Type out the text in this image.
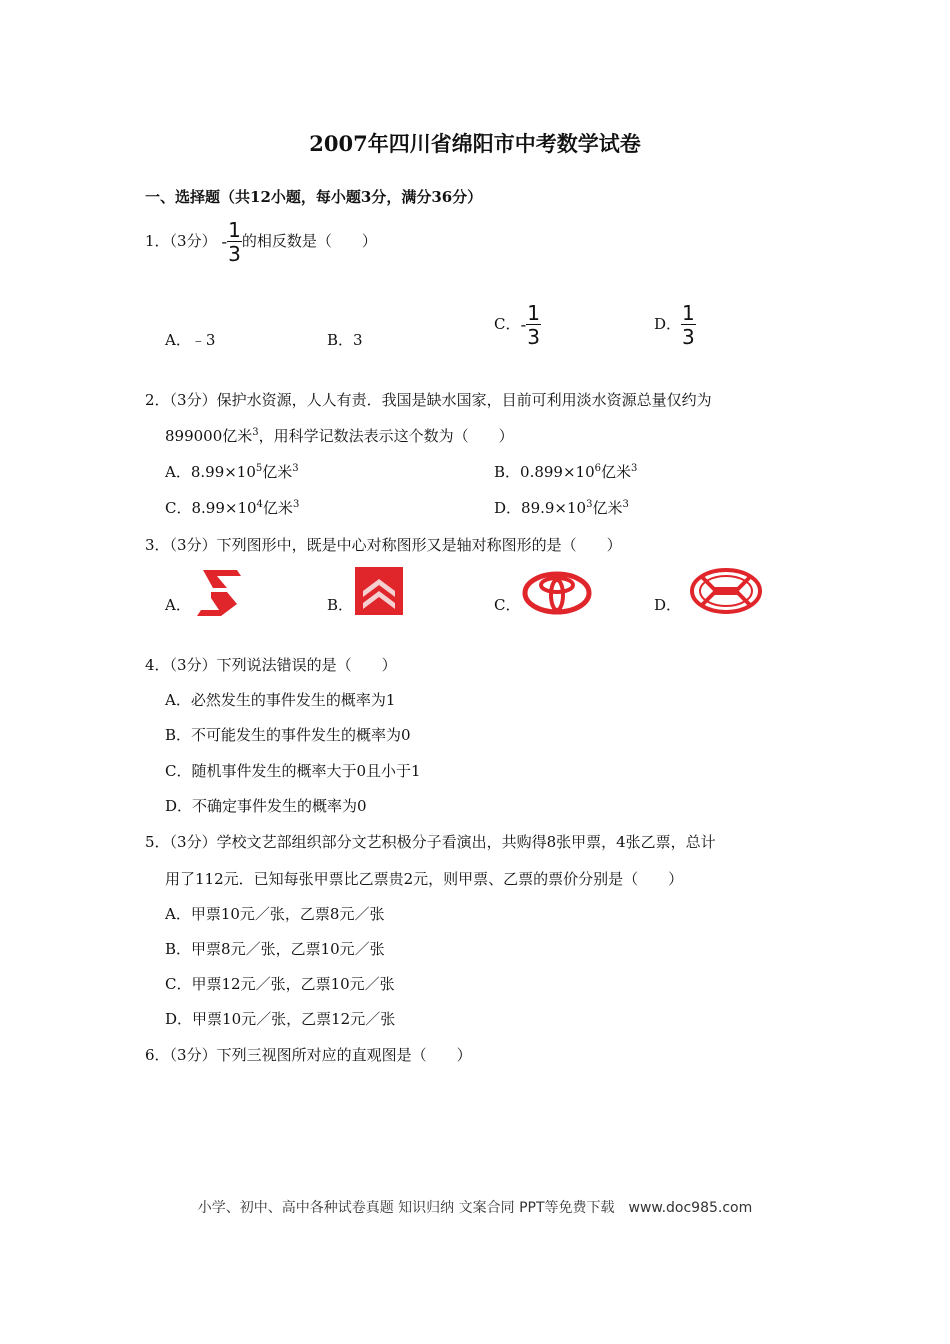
2007年四川省绵阳市中考数学试卷
一、选择题（共12小题，每小题3分，满分36分）
1．（3分） - $\frac{1}{3}$ 的相反数是（　　）
A．﹣3	B．3
C．- $\frac{1}{3}$	D． $\frac{1}{3}$
2．（3分）保护水资源，人人有责．我国是缺水国家，目前可利用淡水资源总量仅约为
899000亿米$^3$，用科学记数法表示这个数为（　　）
A．$8.99\times 10^5$亿米$^3$	B．$0.899\times 10^6$亿米$^3$
C．$8.99\times 10^4$亿米$^3$	D．$89.9\times 10^3$亿米$^3$
3．（3分）下列图形中，既是中心对称图形又是轴对称图形的是（　　）
A．	B．	C．	D．
4．（3分）下列说法错误的是（　　）
A．必然发生的事件发生的概率为1
B．不可能发生的事件发生的概率为0
C．随机事件发生的概率大于0且小于1
D．不确定事件发生的概率为0
5．（3分）学校文艺部组织部分文艺积极分子看演出，共购得8张甲票，4张乙票，总计
用了112元．已知每张甲票比乙票贵2元，则甲票、乙票的票价分别是（　　）
A．甲票10元／张，乙票8元／张
B．甲票8元／张，乙票10元／张
C．甲票12元／张，乙票10元／张
D．甲票10元／张，乙票12元／张
6．（3分）下列三视图所对应的直观图是（　　）
小学、初中、高中各种试卷真题 知识归纳 文案合同 PPT等免费下载　www.doc985.com
